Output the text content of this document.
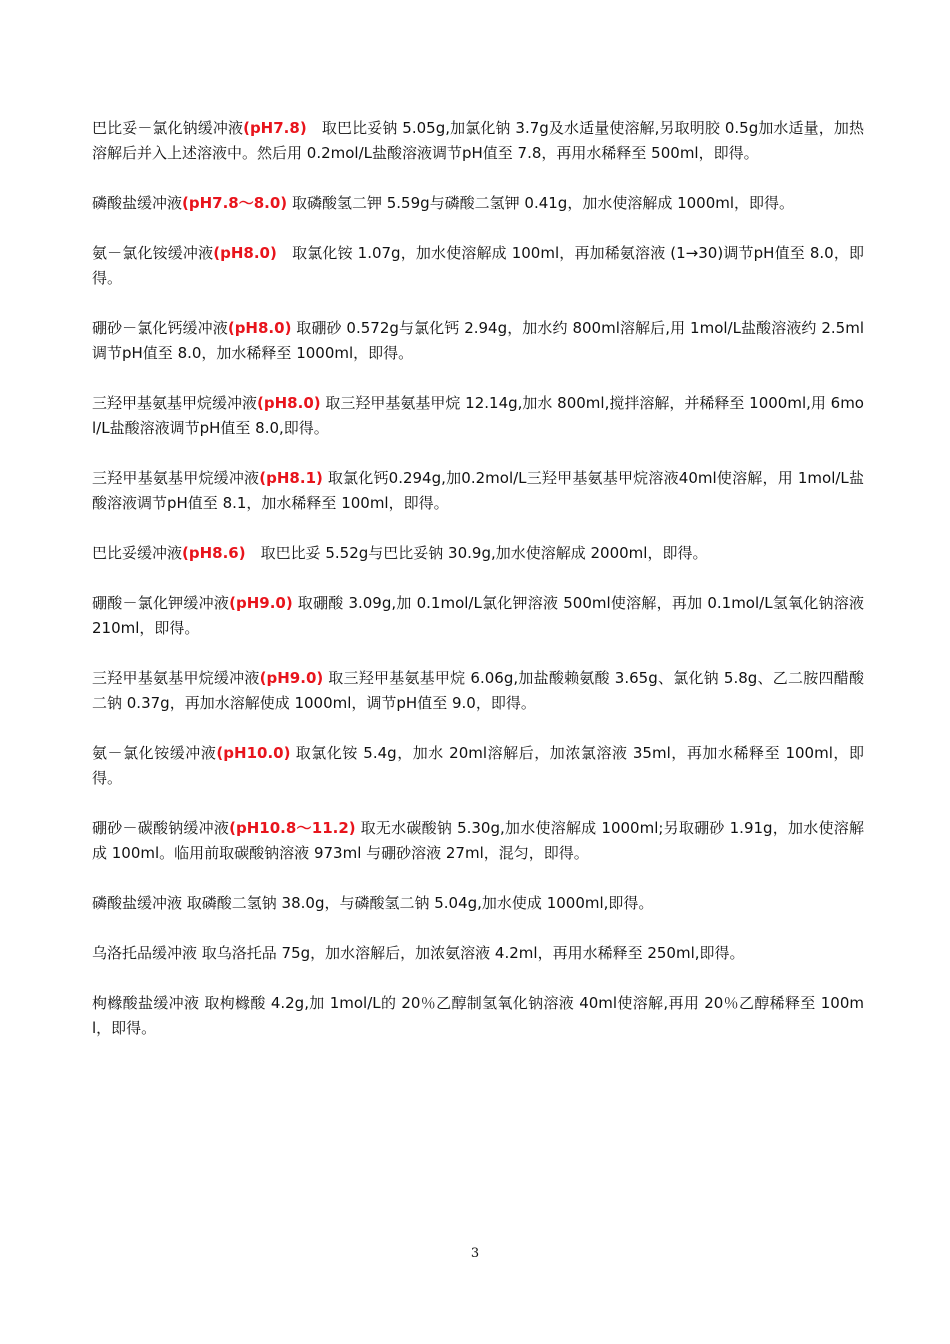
巴比妥－氯化钠缓冲液(pH7.8)　取巴比妥钠 5.05g,加氯化钠 3.7g及水适量使溶解,另取明胶 0.5g加水适量，加热溶解后并入上述溶液中。然后用 0.2mol/L盐酸溶液调节pH值至 7.8，再用水稀释至 500ml，即得。

磷酸盐缓冲液(pH7.8～8.0) 取磷酸氢二钾 5.59g与磷酸二氢钾 0.41g，加水使溶解成 1000ml，即得。

氨－氯化铵缓冲液(pH8.0)　取氯化铵 1.07g，加水使溶解成 100ml，再加稀氨溶液 (1→30)调节pH值至 8.0，即得。

硼砂－氯化钙缓冲液(pH8.0) 取硼砂 0.572g与氯化钙 2.94g，加水约 800ml溶解后,用 1mol/L盐酸溶液约 2.5ml调节pH值至 8.0，加水稀释至 1000ml，即得。

三羟甲基氨基甲烷缓冲液(pH8.0) 取三羟甲基氨基甲烷 12.14g,加水 800ml,搅拌溶解，并稀释至 1000ml,用 6mol/L盐酸溶液调节pH值至 8.0,即得。

三羟甲基氨基甲烷缓冲液(pH8.1) 取氯化钙0.294g,加0.2mol/L三羟甲基氨基甲烷溶液40ml使溶解，用 1mol/L盐酸溶液调节pH值至 8.1，加水稀释至 100ml，即得。

巴比妥缓冲液(pH8.6)　取巴比妥 5.52g与巴比妥钠 30.9g,加水使溶解成 2000ml，即得。

硼酸－氯化钾缓冲液(pH9.0) 取硼酸 3.09g,加 0.1mol/L氯化钾溶液 500ml使溶解，再加 0.1mol/L氢氧化钠溶液 210ml，即得。

三羟甲基氨基甲烷缓冲液(pH9.0) 取三羟甲基氨基甲烷 6.06g,加盐酸赖氨酸 3.65g、氯化钠 5.8g、乙二胺四醋酸二钠 0.37g，再加水溶解使成 1000ml，调节pH值至 9.0，即得。

氨－氯化铵缓冲液(pH10.0) 取氯化铵 5.4g，加水 20ml溶解后，加浓氯溶液 35ml，再加水稀释至 100ml，即得。

硼砂－碳酸钠缓冲液(pH10.8～11.2) 取无水碳酸钠 5.30g,加水使溶解成 1000ml;另取硼砂 1.91g，加水使溶解成 100ml。临用前取碳酸钠溶液 973ml 与硼砂溶液 27ml，混匀，即得。

磷酸盐缓冲液 取磷酸二氢钠 38.0g，与磷酸氢二钠 5.04g,加水使成 1000ml,即得。

乌洛托品缓冲液 取乌洛托品 75g，加水溶解后，加浓氨溶液 4.2ml，再用水稀释至 250ml,即得。

枸橼酸盐缓冲液 取枸橼酸 4.2g,加 1mol/L的 20％乙醇制氢氧化钠溶液 40ml使溶解,再用 20％乙醇稀释至 100ml，即得。

3
